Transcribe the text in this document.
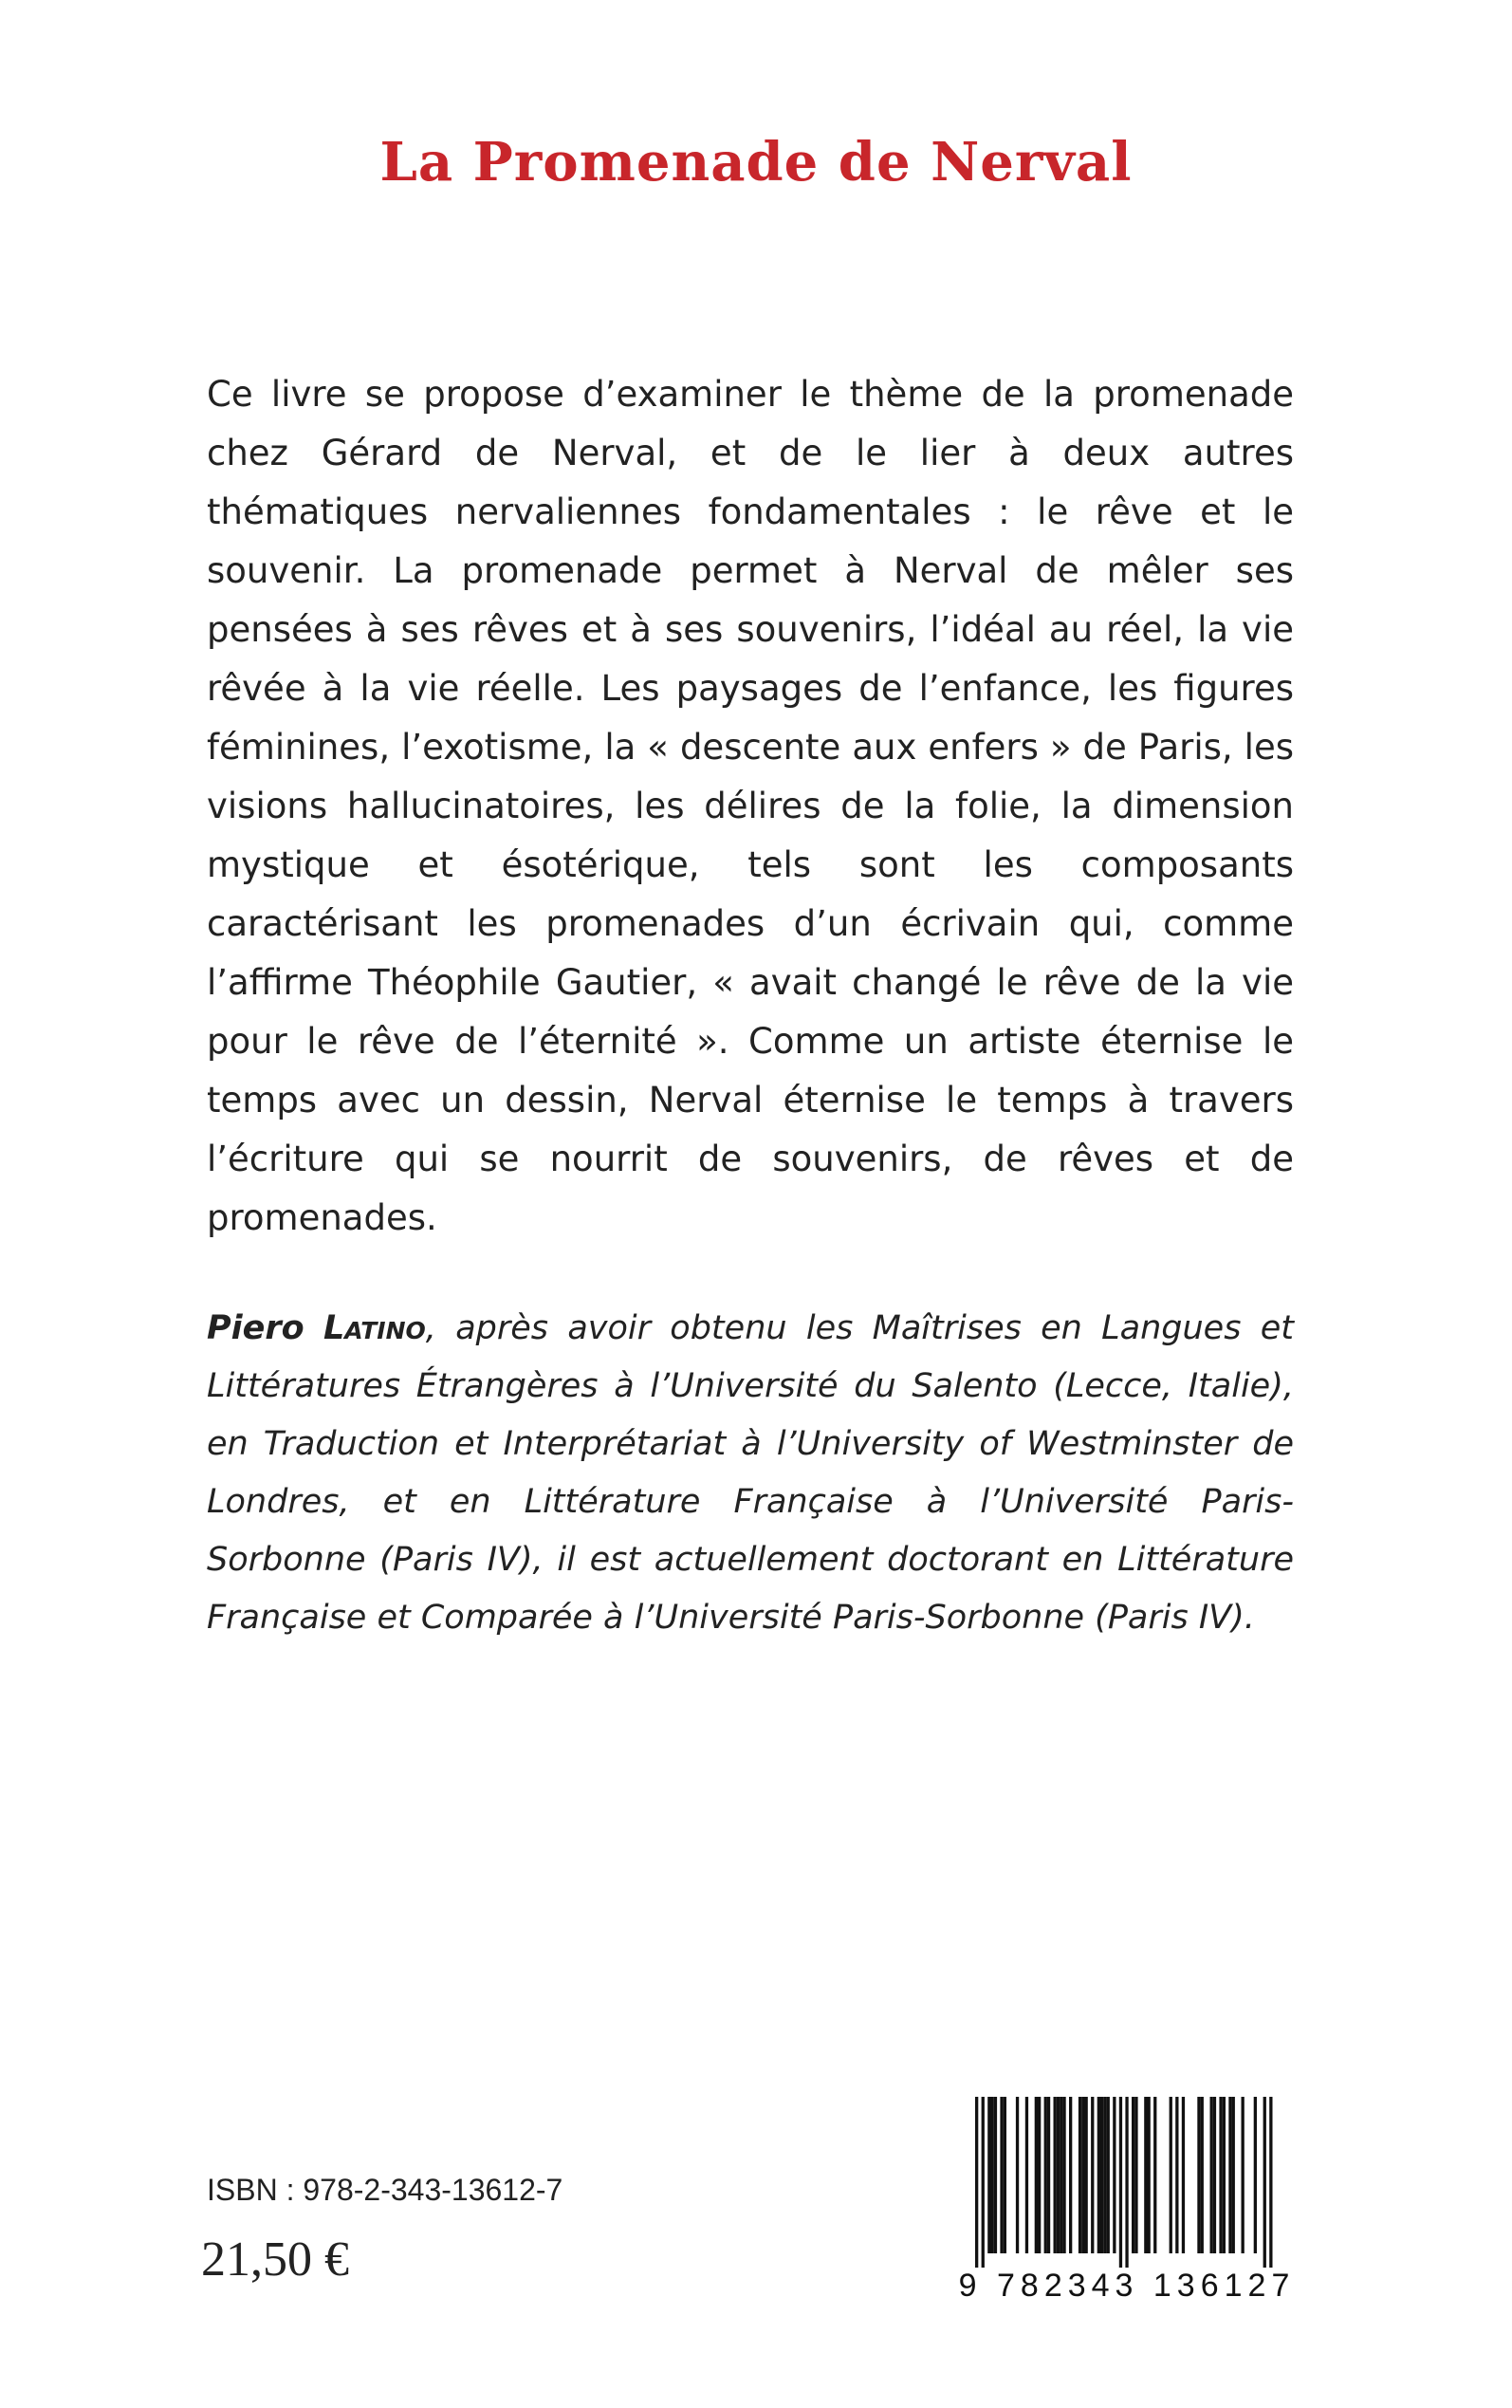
La Promenade de Nerval

Ce livre se propose d’examiner le thème de la promenade chez Gérard de Nerval, et de le lier à deux autres thématiques nervaliennes fondamentales : le rêve et le souvenir. La promenade permet à Nerval de mêler ses pensées à ses rêves et à ses souvenirs, l’idéal au réel, la vie rêvée à la vie réelle. Les paysages de l’enfance, les figures féminines, l’exotisme, la « descente aux enfers » de Paris, les visions hallucinatoires, les délires de la folie, la dimension mystique et ésotérique, tels sont les composants caractérisant les promenades d’un écrivain qui, comme l’affirme Théophile Gautier, « avait changé le rêve de la vie pour le rêve de l’éternité ». Comme un artiste éternise le temps avec un dessin, Nerval éternise le temps à travers l’écriture qui se nourrit de souvenirs, de rêves et de promenades.

Piero Latino, après avoir obtenu les Maîtrises en Langues et Littératures Étrangères à l’Université du Salento (Lecce, Italie), en Traduction et Interprétariat à l’University of Westminster de Londres, et en Littérature Française à l’Université Paris-Sorbonne (Paris IV), il est actuellement doctorant en Littérature Française et Comparée à l’Université Paris-Sorbonne (Paris IV).

ISBN : 978-2-343-13612-7
21,50 €	9 782343 136127
